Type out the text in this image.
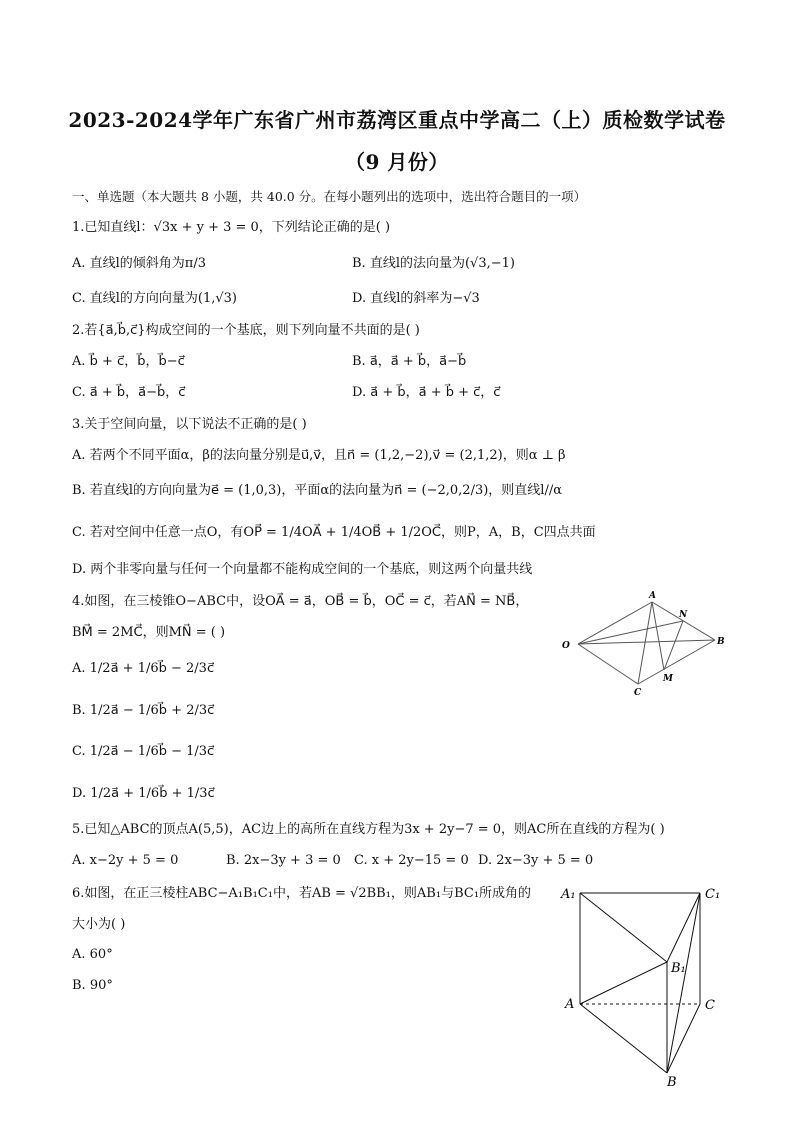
2023-2024学年广东省广州市荔湾区重点中学高二（上）质检数学试卷
（9 月份）
一、单选题（本大题共 8 小题，共 40.0 分。在每小题列出的选项中，选出符合题目的一项）
1.已知直线l：√3x + y + 3 = 0，下列结论正确的是( )
A. 直线l的倾斜角为π/3	B. 直线l的法向量为(√3,−1)
C. 直线l的方向向量为(1,√3)	D. 直线l的斜率为−√3
2.若{a⃗,b⃗,c⃗}构成空间的一个基底，则下列向量不共面的是( )
A. b⃗ + c⃗，b⃗，b⃗−c⃗	B. a⃗，a⃗ + b⃗，a⃗−b⃗
C. a⃗ + b⃗，a⃗−b⃗，c⃗	D. a⃗ + b⃗，a⃗ + b⃗ + c⃗，c⃗
3.关于空间向量，以下说法不正确的是( )
A. 若两个不同平面α，β的法向量分别是u⃗,v⃗，且n⃗ = (1,2,−2),v⃗ = (2,1,2)，则α ⊥ β
B. 若直线l的方向向量为e⃗ = (1,0,3)，平面α的法向量为n⃗ = (−2,0,2/3)，则直线l//α
C. 若对空间中任意一点O，有OP⃗ = 1/4OA⃗ + 1/4OB⃗ + 1/2OC⃗，则P，A，B，C四点共面
D. 两个非零向量与任何一个向量都不能构成空间的一个基底，则这两个向量共线
4.如图，在三棱锥O−ABC中，设OA⃗ = a⃗，OB⃗ = b⃗，OC⃗ = c⃗，若AN⃗ = NB⃗，
BM⃗ = 2MC⃗，则MN⃗ = ( )
A. 1/2a⃗ + 1/6b⃗ − 2/3c⃗
B. 1/2a⃗ − 1/6b⃗ + 2/3c⃗
C. 1/2a⃗ − 1/6b⃗ − 1/3c⃗
D. 1/2a⃗ + 1/6b⃗ + 1/3c⃗
O
A
B
C
N
M
5.已知△ABC的顶点A(5,5)，AC边上的高所在直线方程为3x + 2y−7 = 0，则AC所在直线的方程为( )
A. x−2y + 5 = 0	B. 2x−3y + 3 = 0 C. x + 2y−15 = 0 D. 2x−3y + 5 = 0
6.如图，在正三棱柱ABC−A₁B₁C₁中，若AB = √2BB₁，则AB₁与BC₁所成角的
大小为( )
A. 60°
B. 90°
A₁	C₁
B₁
A	C
B
